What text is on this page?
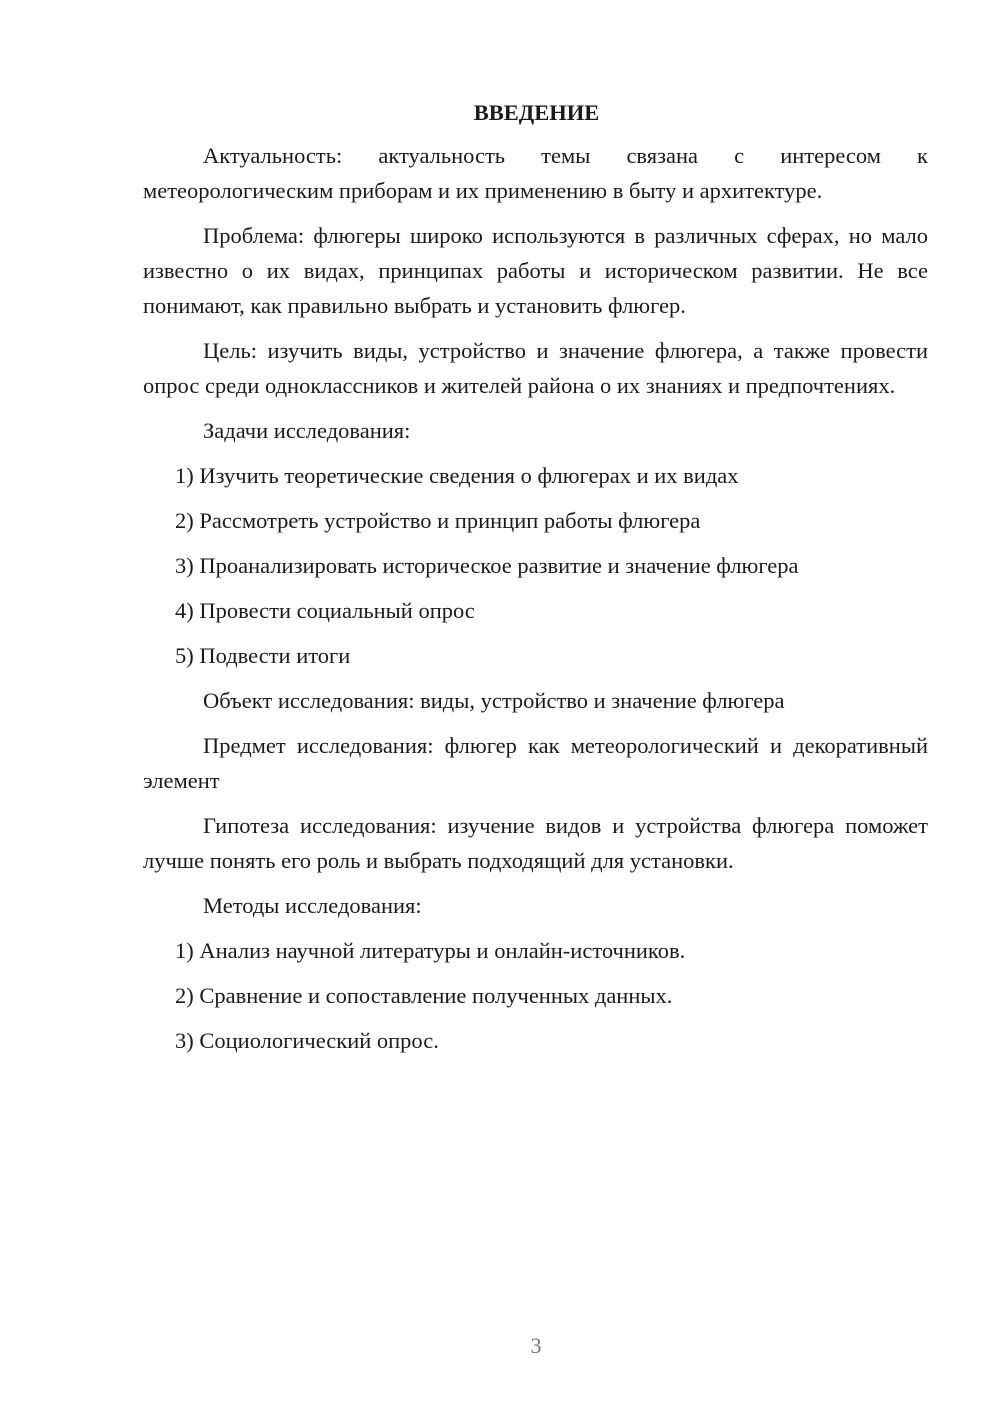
ВВЕДЕНИЕ

Актуальность: актуальность темы связана с интересом к метеорологическим приборам и их применению в быту и архитектуре.

Проблема: флюгеры широко используются в различных сферах, но мало известно о их видах, принципах работы и историческом развитии. Не все понимают, как правильно выбрать и установить флюгер.

Цель: изучить виды, устройство и значение флюгера, а также провести опрос среди одноклассников и жителей района о их знаниях и предпочтениях.

Задачи исследования:

1) Изучить теоретические сведения о флюгерах и их видах
2) Рассмотреть устройство и принцип работы флюгера
3) Проанализировать историческое развитие и значение флюгера
4) Провести социальный опрос
5) Подвести итоги

Объект исследования: виды, устройство и значение флюгера

Предмет исследования: флюгер как метеорологический и декоративный элемент

Гипотеза исследования: изучение видов и устройства флюгера поможет лучше понять его роль и выбрать подходящий для установки.

Методы исследования:

1) Анализ научной литературы и онлайн-источников.
2) Сравнение и сопоставление полученных данных.
3) Социологический опрос.
3
